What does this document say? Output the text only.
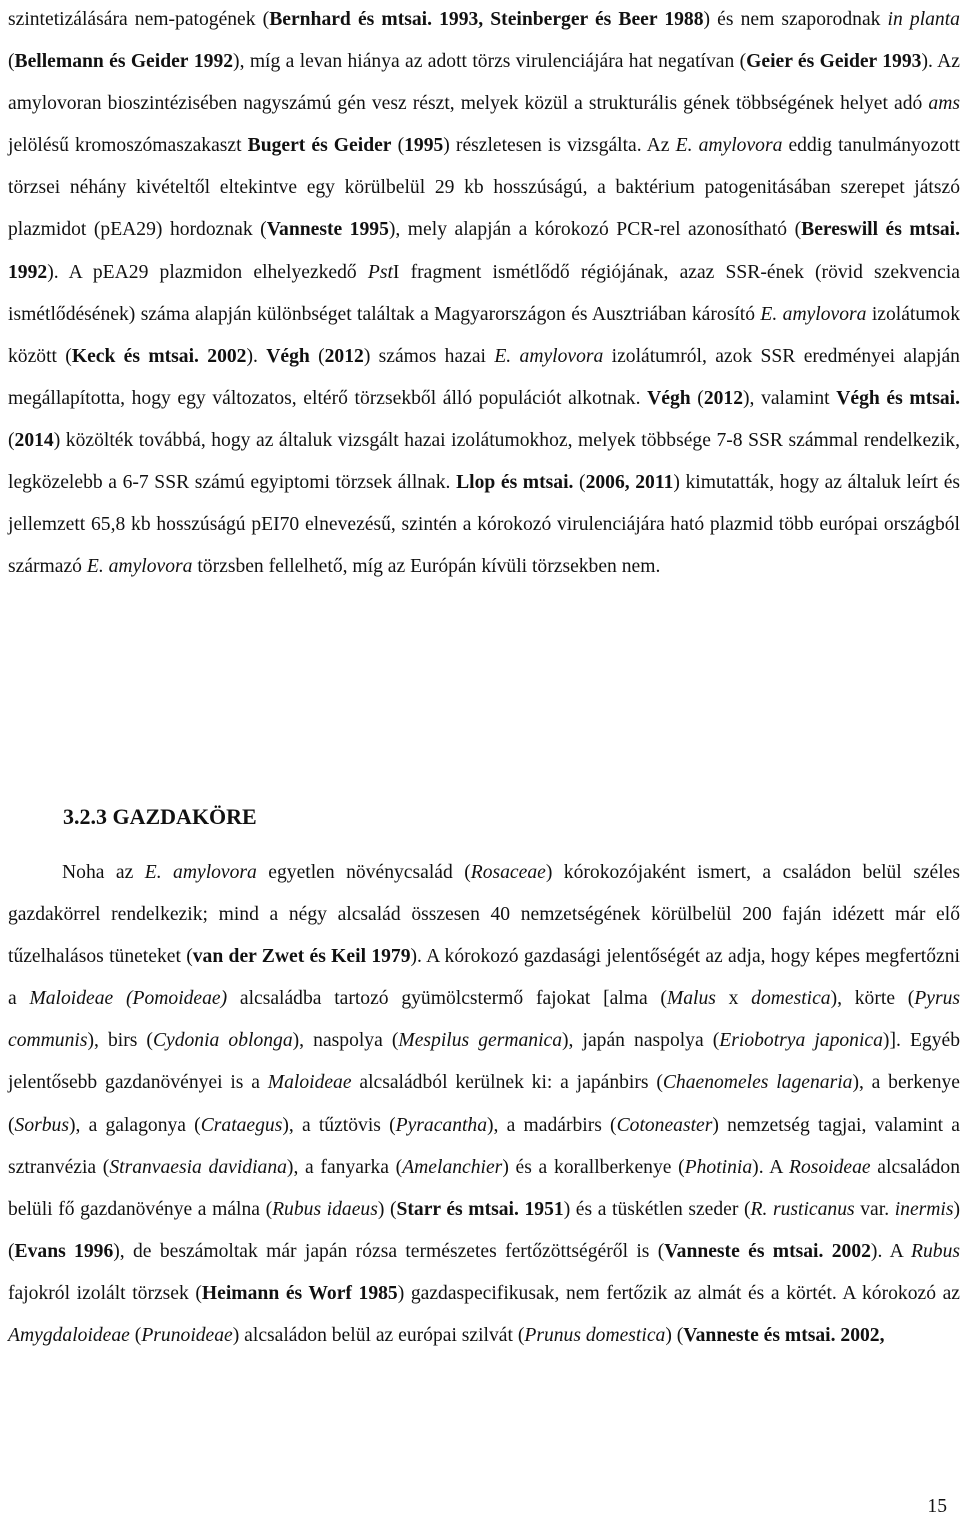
szintetizálására nem-patogének (Bernhard és mtsai. 1993, Steinberger és Beer 1988) és nem szaporodnak in planta (Bellemann és Geider 1992), míg a levan hiánya az adott törzs virulenciájára hat negatívan (Geier és Geider 1993). Az amylovoran bioszintézisében nagyszámú gén vesz részt, melyek közül a strukturális gének többségének helyet adó ams jelölésű kromoszómaszakaszt Bugert és Geider (1995) részletesen is vizsgálta. Az E. amylovora eddig tanulmányozott törzsei néhány kivételtől eltekintve egy körülbelül 29 kb hosszúságú, a baktérium patogenitásában szerepet játszó plazmidot (pEA29) hordoznak (Vanneste 1995), mely alapján a kórokozó PCR-rel azonosítható (Bereswill és mtsai. 1992). A pEA29 plazmidon elhelyezkedő PstI fragment ismétlődő régiójának, azaz SSR-ének (rövid szekvencia ismétlődésének) száma alapján különbséget találtak a Magyarországon és Ausztriában károsító E. amylovora izolátumok között (Keck és mtsai. 2002). Végh (2012) számos hazai E. amylovora izolátumról, azok SSR eredményei alapján megállapította, hogy egy változatos, eltérő törzsekből álló populációt alkotnak. Végh (2012), valamint Végh és mtsai. (2014) közölték továbbá, hogy az általuk vizsgált hazai izolátumokhoz, melyek többsége 7-8 SSR számmal rendelkezik, legközelebb a 6-7 SSR számú egyiptomi törzsek állnak. Llop és mtsai. (2006, 2011) kimutatták, hogy az általuk leírt és jellemzett 65,8 kb hosszúságú pEI70 elnevezésű, szintén a kórokozó virulenciájára ható plazmid több európai országból származó E. amylovora törzsben fellelhető, míg az Európán kívüli törzsekben nem.

3.2.3 GAZDAKÖRE

Noha az E. amylovora egyetlen növénycsalád (Rosaceae) kórokozójaként ismert, a családon belül széles gazdakörrel rendelkezik; mind a négy alcsalád összesen 40 nemzetségének körülbelül 200 faján idézett már elő tűzelhalásos tüneteket (van der Zwet és Keil 1979). A kórokozó gazdasági jelentőségét az adja, hogy képes megfertőzni a Maloideae (Pomoideae) alcsaládba tartozó gyümölcstermő fajokat [alma (Malus x domestica), körte (Pyrus communis), birs (Cydonia oblonga), naspolya (Mespilus germanica), japán naspolya (Eriobotrya japonica)]. Egyéb jelentősebb gazdanövényei is a Maloideae alcsaládból kerülnek ki: a japánbirs (Chaenomeles lagenaria), a berkenye (Sorbus), a galagonya (Crataegus), a tűztövis (Pyracantha), a madárbirs (Cotoneaster) nemzetség tagjai, valamint a sztranvézia (Stranvaesia davidiana), a fanyarka (Amelanchier) és a korallberkenye (Photinia). A Rosoideae alcsaládon belüli fő gazdanövénye a málna (Rubus idaeus) (Starr és mtsai. 1951) és a tüskétlen szeder (R. rusticanus var. inermis) (Evans 1996), de beszámoltak már japán rózsa természetes fertőzöttségéről is (Vanneste és mtsai. 2002). A Rubus fajokról izolált törzsek (Heimann és Worf 1985) gazdaspecifikusak, nem fertőzik az almát és a körtét. A kórokozó az Amygdaloideae (Prunoideae) alcsaládon belül az európai szilvát (Prunus domestica) (Vanneste és mtsai. 2002,

15
